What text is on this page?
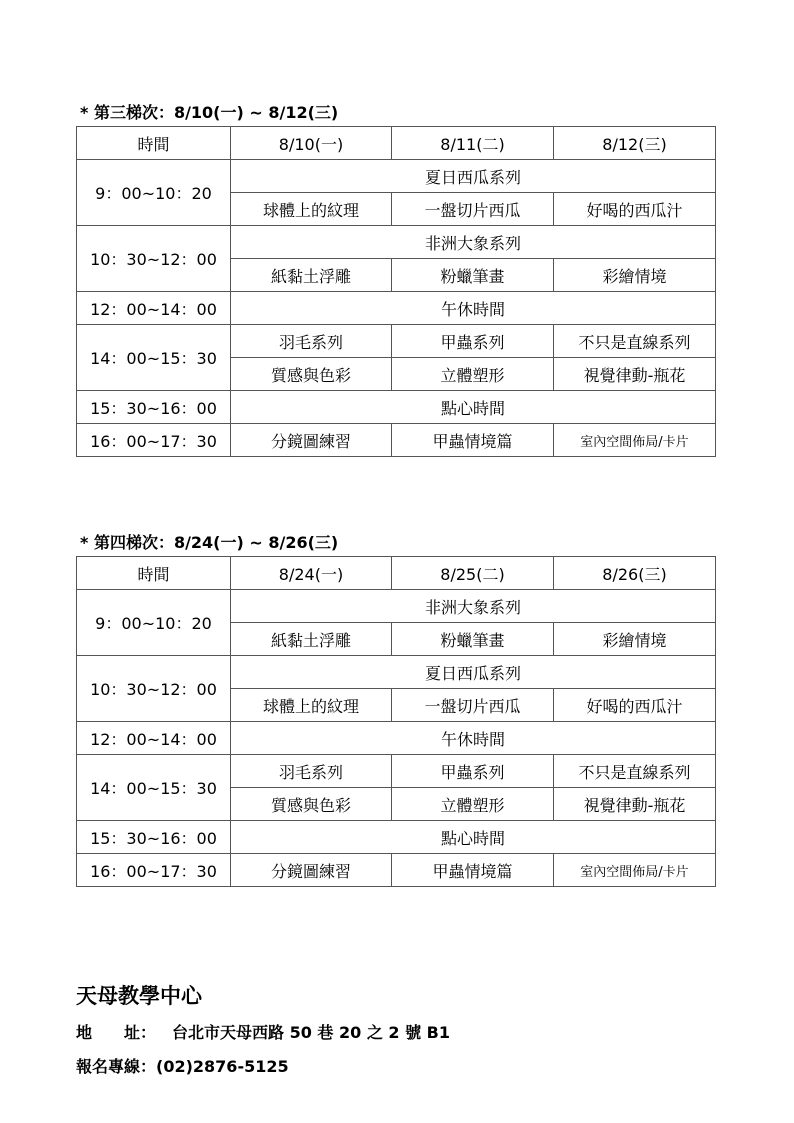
* 第三梯次：8/10(一) ~ 8/12(三)
時間	8/10(一)	8/11(二)	8/12(三)
9：00~10：20	夏日西瓜系列		
	球體上的紋理	一盤切片西瓜	好喝的西瓜汁
10：30~12：00	非洲大象系列		
	紙黏土浮雕	粉蠟筆畫	彩繪情境
12：00~14：00	午休時間		
14：00~15：30	羽毛系列	甲蟲系列	不只是直線系列
	質感與色彩	立體塑形	視覺律動-瓶花
15：30~16：00	點心時間		
16：00~17：30	分鏡圖練習	甲蟲情境篇	室內空間佈局/卡片
* 第四梯次：8/24(一) ~ 8/26(三)
時間	8/24(一)	8/25(二)	8/26(三)
9：00~10：20	非洲大象系列		
	紙黏土浮雕	粉蠟筆畫	彩繪情境
10：30~12：00	夏日西瓜系列		
	球體上的紋理	一盤切片西瓜	好喝的西瓜汁
12：00~14：00	午休時間		
14：00~15：30	羽毛系列	甲蟲系列	不只是直線系列
	質感與色彩	立體塑形	視覺律動-瓶花
15：30~16：00	點心時間		
16：00~17：30	分鏡圖練習	甲蟲情境篇	室內空間佈局/卡片
天母教學中心
地　　址： 台北市天母西路 50 巷 20 之 2 號 B1
報名專線：(02)2876-5125
